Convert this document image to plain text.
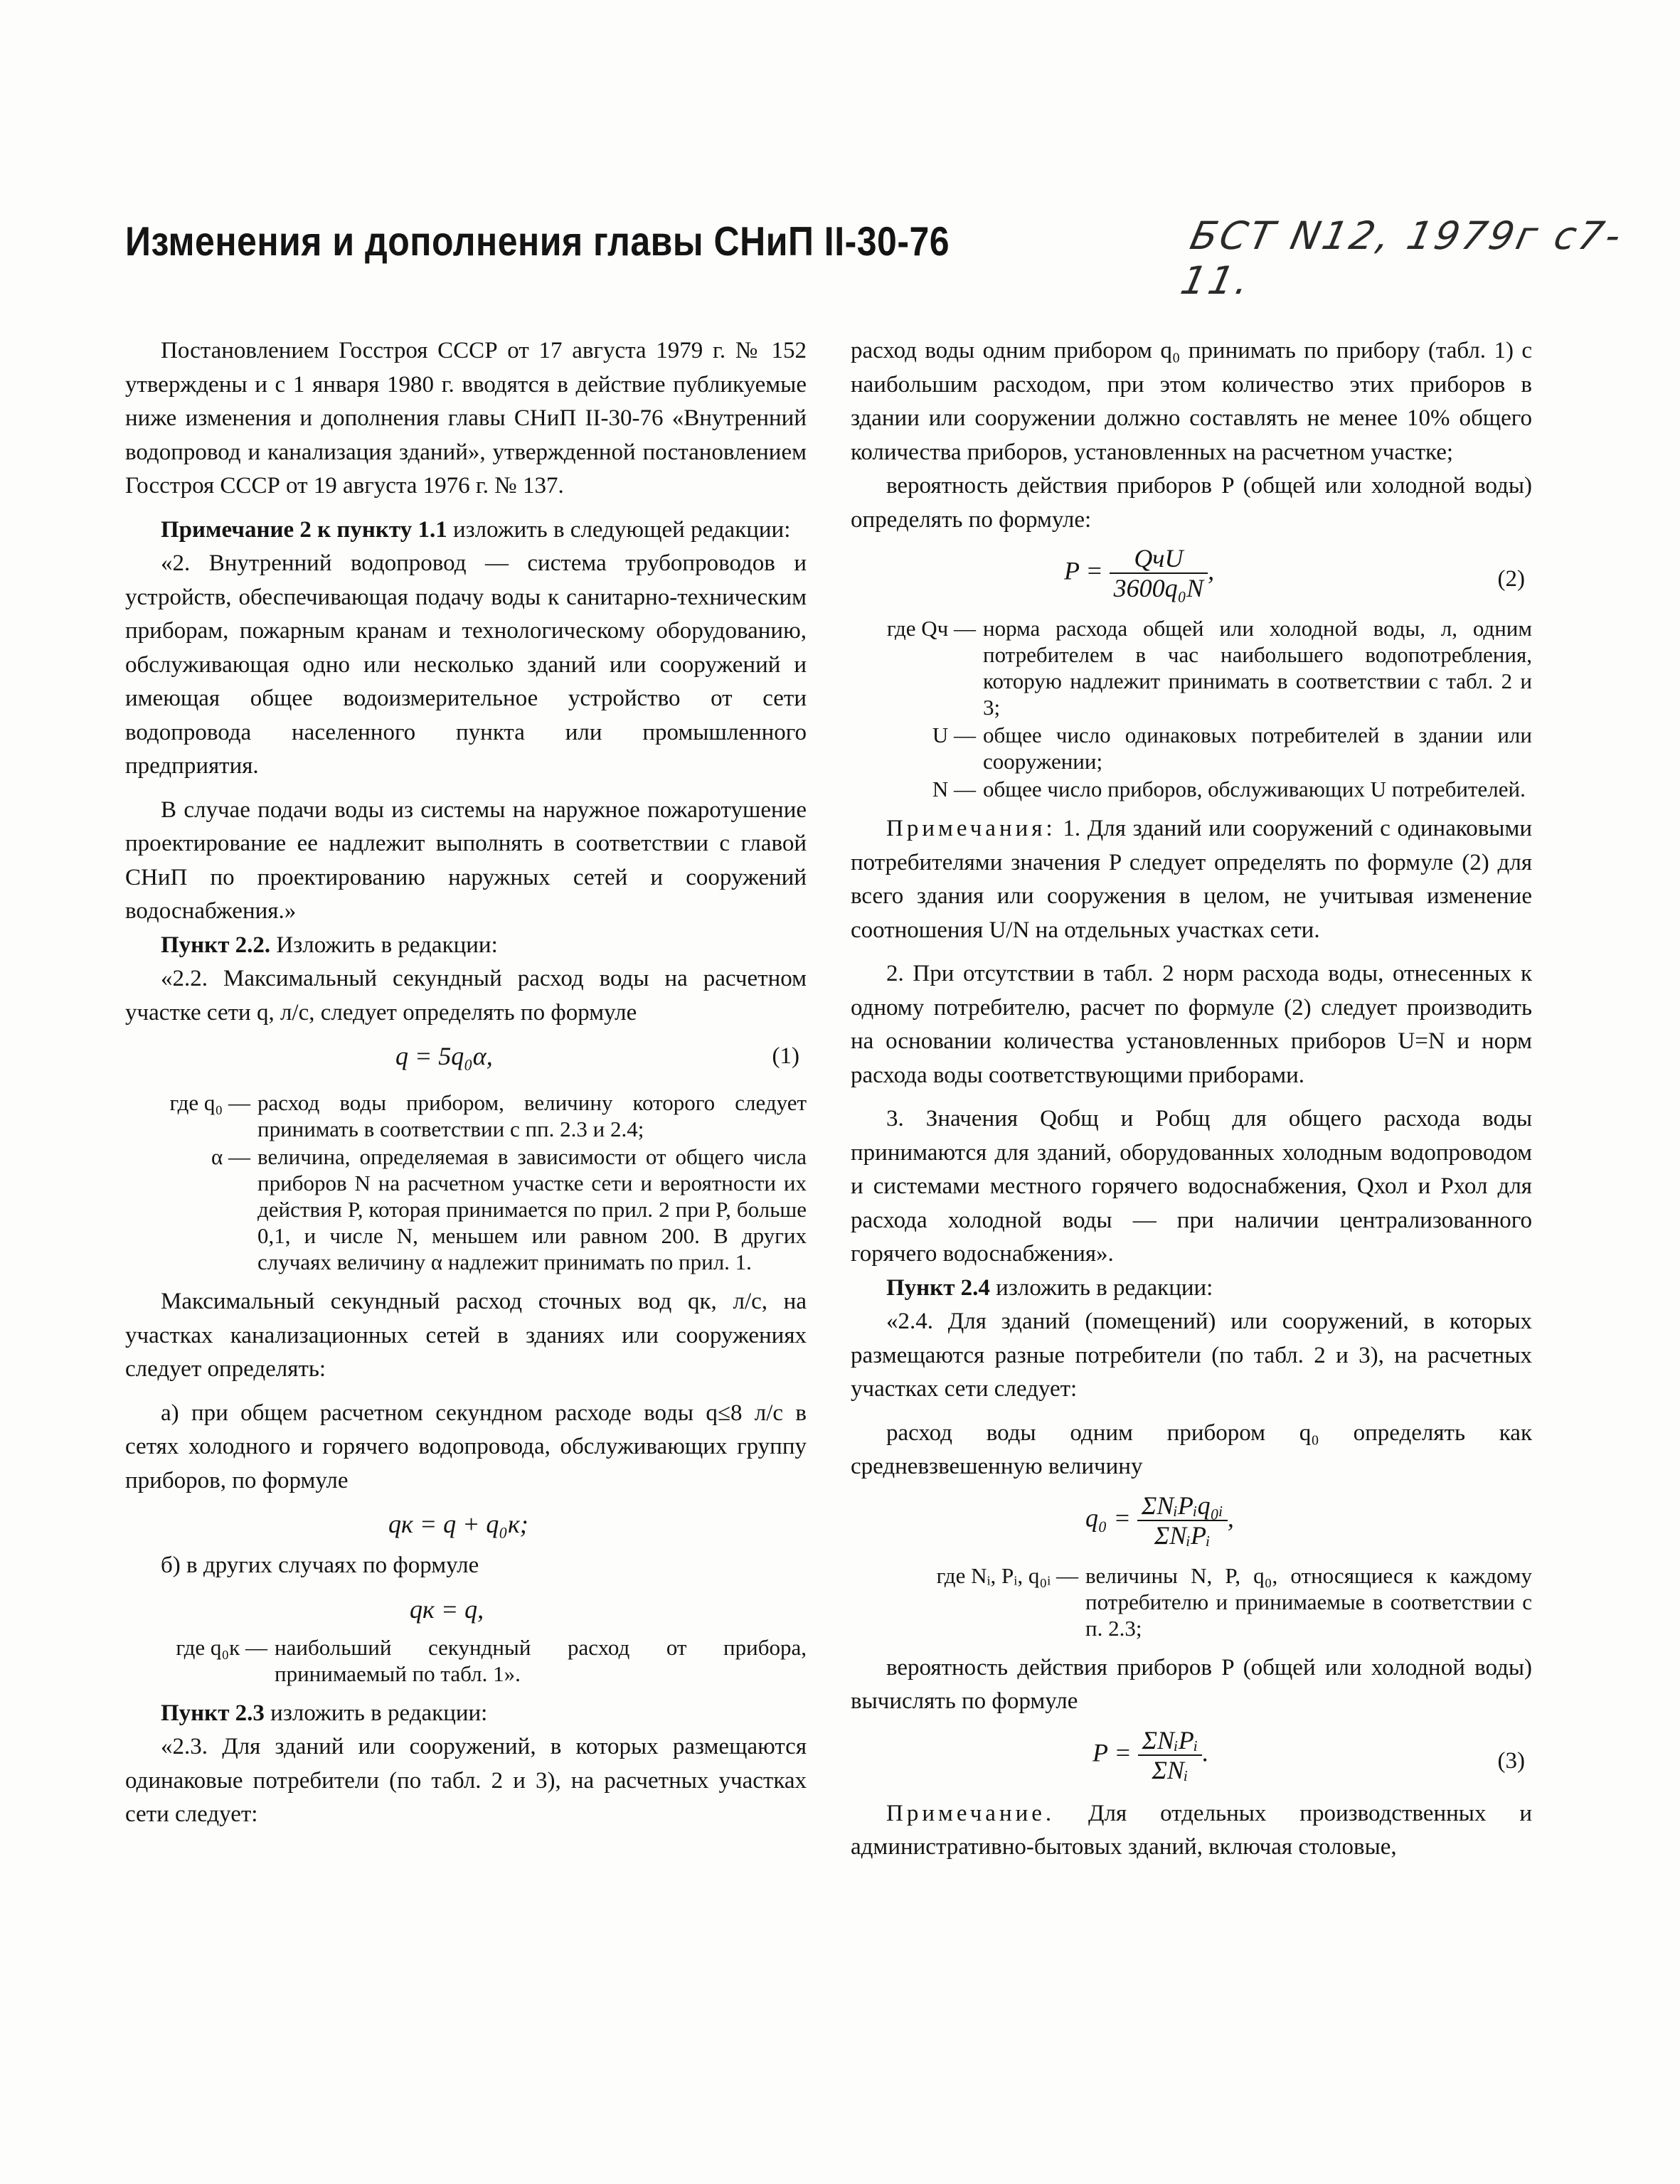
Изменения и дополнения главы СНиП II-30-76	БСТ N12, 1979г с7-11.

Постановлением Госстроя СССР от 17 августа 1979 г. № 152 утверждены и с 1 января 1980 г. вводятся в действие публикуемые ниже изменения и дополнения главы СНиП II-30-76 «Внутренний водопровод и канализация зданий», утвержденной постановлением Госстроя СССР от 19 августа 1976 г. № 137.

Примечание 2 к пункту 1.1 изложить в следующей редакции:

«2. Внутренний водопровод — система трубопроводов и устройств, обеспечивающая подачу воды к санитарно-техническим приборам, пожарным кранам и технологическому оборудованию, обслуживающая одно или несколько зданий или сооружений и имеющая общее водоизмерительное устройство от сети водопровода населенного пункта или промышленного предприятия.

В случае подачи воды из системы на наружное пожаротушение проектирование ее надлежит выполнять в соответствии с главой СНиП по проектированию наружных сетей и сооружений водоснабжения.»

Пункт 2.2. Изложить в редакции:

«2.2. Максимальный секундный расход воды на расчетном участке сети q, л/с, следует определять по формуле

q = 5q₀α,	(1)
где q₀ — расход воды прибором, величину которого следует принимать в соответствии с пп. 2.3 и 2.4;
α — величина, определяемая в зависимости от общего числа приборов N на расчетном участке сети и вероятности их действия P, которая принимается по прил. 2 при P, больше 0,1, и числе N, меньшем или равном 200. В других случаях величину α надлежит принимать по прил. 1.

Максимальный секундный расход сточных вод qк, л/с, на участках канализационных сетей в зданиях или сооружениях следует определять:

а) при общем расчетном секундном расходе воды q≤8 л/с в сетях холодного и горячего водопровода, обслуживающих группу приборов, по формуле

qк = q + q₀к;

б) в других случаях по формуле

qк = q,
где q₀к — наибольший секундный расход от прибора, принимаемый по табл. 1».

Пункт 2.3 изложить в редакции:

«2.3. Для зданий или сооружений, в которых размещаются одинаковые потребители (по табл. 2 и 3), на расчетных участках сети следует:

расход воды одним прибором q₀ принимать по прибору (табл. 1) с наибольшим расходом, при этом количество этих приборов в здании или сооружении должно составлять не менее 10% общего количества приборов, установленных на расчетном участке;

вероятность действия приборов P (общей или холодной воды) определять по формуле:

$P = \frac{\text{QчU}}{\text{3600q₀N}}$ ,	(2)
где Qч — норма расхода общей или холодной воды, л, одним потребителем в час наибольшего водопотребления, которую надлежит принимать в соответствии с табл. 2 и 3;
U — общее число одинаковых потребителей в здании или сооружении;
N — общее число приборов, обслуживающих U потребителей.

Примечания: 1. Для зданий или сооружений с одинаковыми потребителями значения P следует определять по формуле (2) для всего здания или сооружения в целом, не учитывая изменение соотношения U/N на отдельных участках сети.

2. При отсутствии в табл. 2 норм расхода воды, отнесенных к одному потребителю, расчет по формуле (2) следует производить на основании количества установленных приборов U=N и норм расхода воды соответствующими приборами.

3. Значения Qобщ и Pобщ для общего расхода воды принимаются для зданий, оборудованных холодным водопроводом и системами местного горячего водоснабжения, Qхол и Pхол для расхода холодной воды — при наличии централизованного горячего водоснабжения».

Пункт 2.4 изложить в редакции:

«2.4. Для зданий (помещений) или сооружений, в которых размещаются разные потребители (по табл. 2 и 3), на расчетных участках сети следует:

расход воды одним прибором q₀ определять как средневзвешенную величину

$q_0 = \frac{\text{ΣNᵢPᵢq₀ᵢ}}{\text{ΣNᵢPᵢ}}$ ,
где Nᵢ, Pᵢ, q₀ᵢ — величины N, P, q₀, относящиеся к каждому потребителю и принимаемые в соответствии с п. 2.3;

вероятность действия приборов P (общей или холодной воды) вычислять по формуле

$P = \frac{\text{ΣNᵢPᵢ}}{\text{ΣNᵢ}}$ .	(3)

Примечание. Для отдельных производственных и административно-бытовых зданий, включая столовые,
